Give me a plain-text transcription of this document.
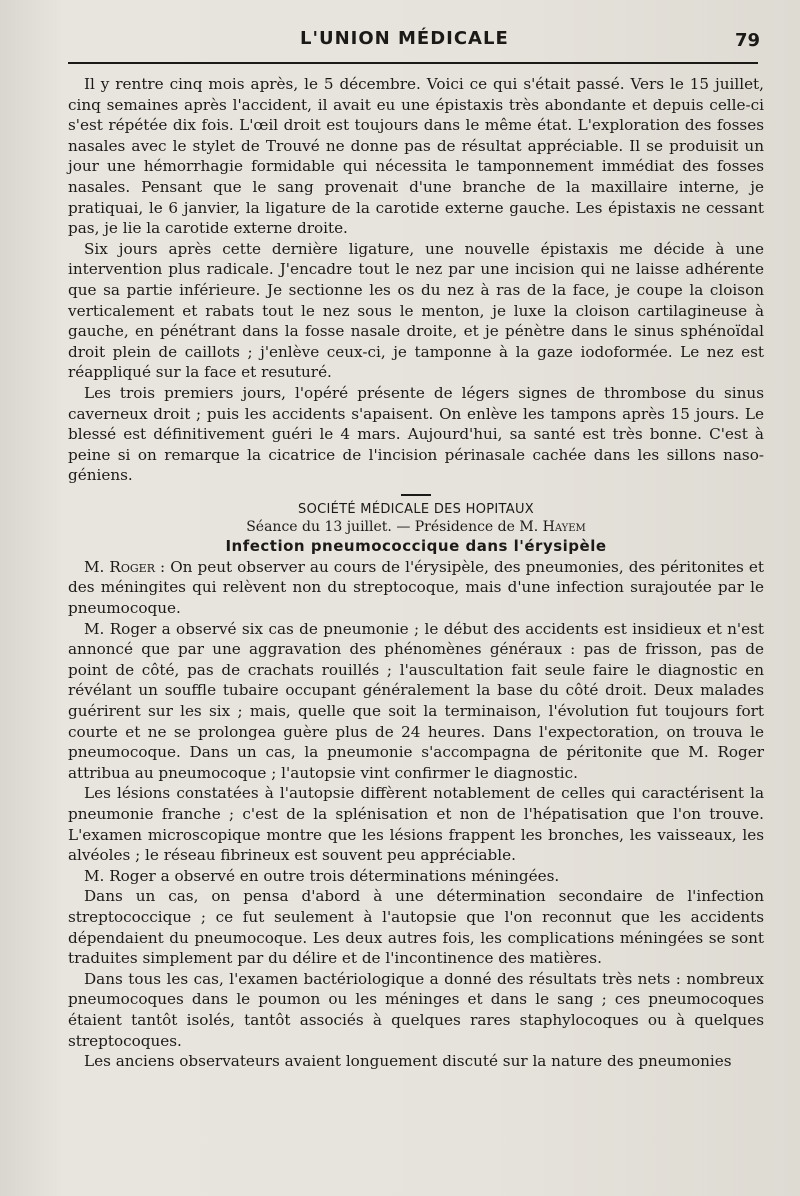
L'UNION MÉDICALE	79

Il y rentre cinq mois après, le 5 décembre. Voici ce qui s'était passé. Vers le 15 juillet, cinq semaines après l'accident, il avait eu une épistaxis très abondante et depuis celle-ci s'est répétée dix fois. L'œil droit est toujours dans le même état. L'exploration des fosses nasales avec le stylet de Trouvé ne donne pas de résultat appréciable. Il se produisit un jour une hémorrhagie formidable qui nécessita le tamponnement immédiat des fosses nasales. Pensant que le sang provenait d'une branche de la maxillaire interne, je pratiquai, le 6 janvier, la ligature de la carotide externe gauche. Les épistaxis ne cessant pas, je lie la carotide externe droite.

Six jours après cette dernière ligature, une nouvelle épistaxis me décide à une intervention plus radicale. J'encadre tout le nez par une incision qui ne laisse adhérente que sa partie inférieure. Je sectionne les os du nez à ras de la face, je coupe la cloison verticalement et rabats tout le nez sous le menton, je luxe la cloison cartilagineuse à gauche, en pénétrant dans la fosse nasale droite, et je pénètre dans le sinus sphénoïdal droit plein de caillots ; j'enlève ceux-ci, je tamponne à la gaze iodoformée. Le nez est réappliqué sur la face et resuturé.

Les trois premiers jours, l'opéré présente de légers signes de thrombose du sinus caverneux droit ; puis les accidents s'apaisent. On enlève les tampons après 15 jours. Le blessé est définitivement guéri le 4 mars. Aujourd'hui, sa santé est très bonne. C'est à peine si on remarque la cicatrice de l'incision périnasale cachée dans les sillons naso-géniens.

SOCIÉTÉ MÉDICALE DES HOPITAUX
Séance du 13 juillet. — Présidence de M. Hayem
Infection pneumococcique dans l'érysipèle

M. Roger : On peut observer au cours de l'érysipèle, des pneumonies, des péritonites et des méningites qui relèvent non du streptocoque, mais d'une infection surajoutée par le pneumocoque.

M. Roger a observé six cas de pneumonie ; le début des accidents est insidieux et n'est annoncé que par une aggravation des phénomènes généraux : pas de frisson, pas de point de côté, pas de crachats rouillés ; l'auscultation fait seule faire le diagnostic en révélant un souffle tubaire occupant généralement la base du côté droit. Deux malades guérirent sur les six ; mais, quelle que soit la terminaison, l'évolution fut toujours fort courte et ne se prolongea guère plus de 24 heures. Dans l'expectoration, on trouva le pneumocoque. Dans un cas, la pneumonie s'accompagna de péritonite que M. Roger attribua au pneumocoque ; l'autopsie vint confirmer le diagnostic.

Les lésions constatées à l'autopsie diffèrent notablement de celles qui caractérisent la pneumonie franche ; c'est de la splénisation et non de l'hépatisation que l'on trouve. L'examen microscopique montre que les lésions frappent les bronches, les vaisseaux, les alvéoles ; le réseau fibrineux est souvent peu appréciable.

M. Roger a observé en outre trois déterminations méningées.

Dans un cas, on pensa d'abord à une détermination secondaire de l'infection streptococcique ; ce fut seulement à l'autopsie que l'on reconnut que les accidents dépendaient du pneumocoque. Les deux autres fois, les complications méningées se sont traduites simplement par du délire et de l'incontinence des matières.

Dans tous les cas, l'examen bactériologique a donné des résultats très nets : nombreux pneumocoques dans le poumon ou les méninges et dans le sang ; ces pneumocoques étaient tantôt isolés, tantôt associés à quelques rares staphylocoques ou à quelques streptocoques.

Les anciens observateurs avaient longuement discuté sur la nature des pneumonies
